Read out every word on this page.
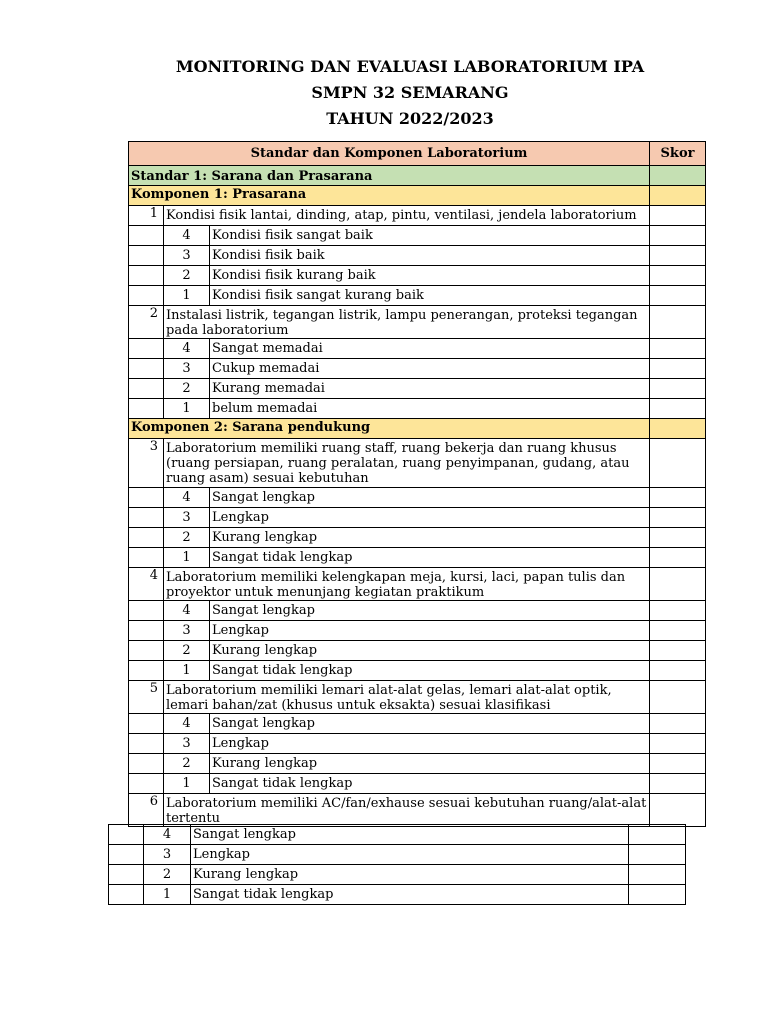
MONITORING DAN EVALUASI LABORATORIUM IPA
SMPN 32 SEMARANG
TAHUN 2022/2023
Standar dan Komponen Laboratorium			Skor
Standar 1: Sarana dan Prasarana			
Komponen 1: Prasarana			
1	Kondisi fisik lantai, dinding, atap, pintu, ventilasi, jendela laboratorium		
	4	Kondisi fisik sangat baik	
	3	Kondisi fisik baik	
	2	Kondisi fisik kurang baik	
	1	Kondisi fisik sangat kurang baik	
2	Instalasi listrik, tegangan listrik, lampu penerangan, proteksi tegangan pada laboratorium		
	4	Sangat memadai	
	3	Cukup memadai	
	2	Kurang memadai	
	1	belum memadai	
Komponen 2: Sarana pendukung			
3	Laboratorium memiliki ruang staff, ruang bekerja dan ruang khusus (ruang persiapan, ruang peralatan, ruang penyimpanan, gudang, atau ruang asam) sesuai kebutuhan		
	4	Sangat lengkap	
	3	Lengkap	
	2	Kurang lengkap	
	1	Sangat tidak lengkap	
4	Laboratorium memiliki kelengkapan meja, kursi, laci, papan tulis dan proyektor untuk menunjang kegiatan praktikum		
	4	Sangat lengkap	
	3	Lengkap	
	2	Kurang lengkap	
	1	Sangat tidak lengkap	
5	Laboratorium memiliki lemari alat-alat gelas, lemari alat-alat optik, lemari bahan/zat (khusus untuk eksakta) sesuai klasifikasi		
	4	Sangat lengkap	
	3	Lengkap	
	2	Kurang lengkap	
	1	Sangat tidak lengkap	
6	Laboratorium memiliki AC/fan/exhause sesuai kebutuhan ruang/alat-alat tertentu		
	4	Sangat lengkap	
	3	Lengkap	
	2	Kurang lengkap	
	1	Sangat tidak lengkap	
